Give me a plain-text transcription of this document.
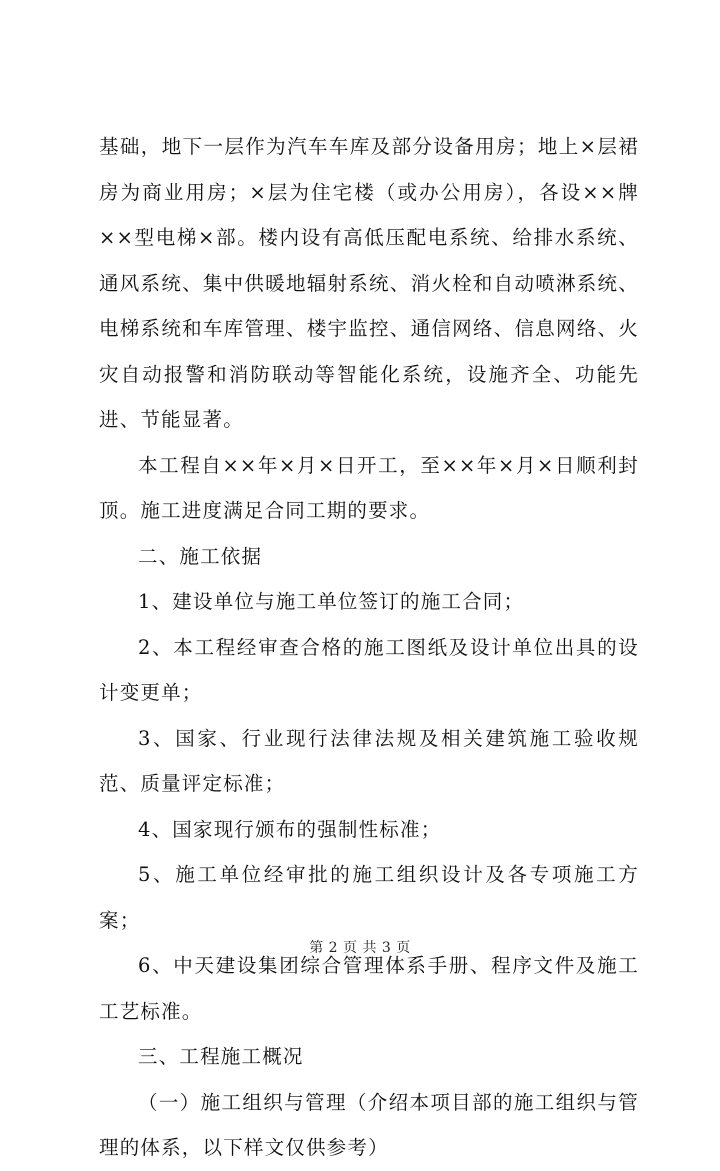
基础，地下一层作为汽车车库及部分设备用房；地上×层裙房为商业用房；×层为住宅楼（或办公用房），各设××牌××型电梯×部。楼内设有高低压配电系统、给排水系统、通风系统、集中供暖地辐射系统、消火栓和自动喷淋系统、电梯系统和车库管理、楼宇监控、通信网络、信息网络、火灾自动报警和消防联动等智能化系统，设施齐全、功能先进、节能显著。

本工程自××年×月×日开工，至××年×月×日顺利封顶。施工进度满足合同工期的要求。

二、施工依据

1、建设单位与施工单位签订的施工合同；

2、本工程经审查合格的施工图纸及设计单位出具的设计变更单；

3、国家、行业现行法律法规及相关建筑施工验收规范、质量评定标准；

4、国家现行颁布的强制性标准；

5、施工单位经审批的施工组织设计及各专项施工方案；

6、中天建设集团综合管理体系手册、程序文件及施工工艺标准。

三、工程施工概况

（一）施工组织与管理（介绍本项目部的施工组织与管理的体系，以下样文仅供参考）

第 2 页 共 3 页
